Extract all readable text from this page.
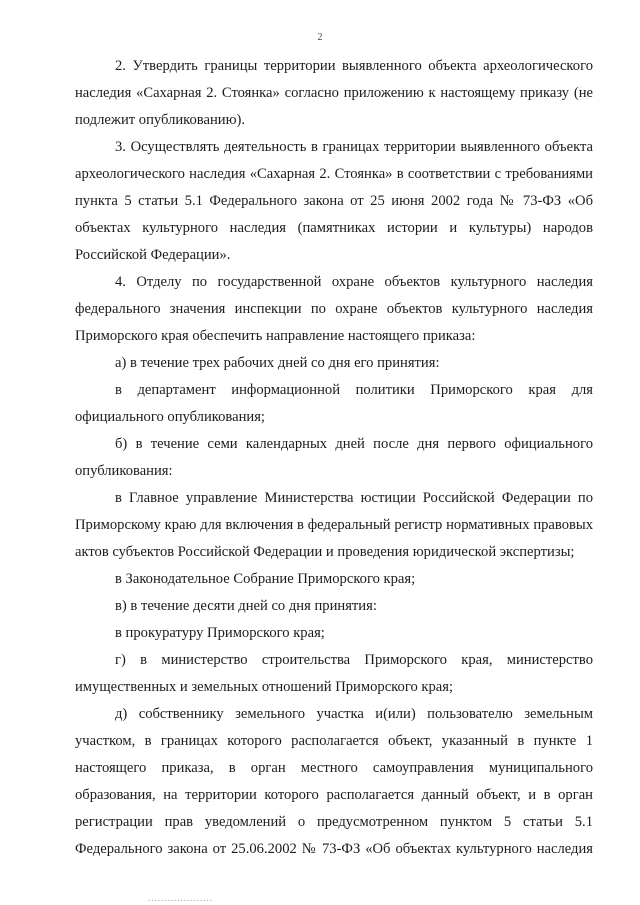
2

2. Утвердить границы территории выявленного объекта археологического наследия «Сахарная 2. Стоянка» согласно приложению к настоящему приказу (не подлежит опубликованию).

3. Осуществлять деятельность в границах территории выявленного объекта археологического наследия «Сахарная 2. Стоянка» в соответствии с требованиями пункта 5 статьи 5.1 Федерального закона от 25 июня 2002 года № 73-ФЗ «Об объектах культурного наследия (памятниках истории и культуры) народов Российской Федерации».

4. Отделу по государственной охране объектов культурного наследия федерального значения инспекции по охране объектов культурного наследия Приморского края обеспечить направление настоящего приказа:

а) в течение трех рабочих дней со дня его принятия:

в департамент информационной политики Приморского края для официального опубликования;

б) в течение семи календарных дней после дня первого официального опубликования:

в Главное управление Министерства юстиции Российской Федерации по Приморскому краю для включения в федеральный регистр нормативных правовых актов субъектов Российской Федерации и проведения юридической экспертизы;

в Законодательное Собрание Приморского края;

в) в течение десяти дней со дня принятия:

в прокуратуру Приморского края;

г) в министерство строительства Приморского края, министерство имущественных и земельных отношений Приморского края;

д) собственнику земельного участка и(или) пользователю земельным участком, в границах которого располагается объект, указанный в пункте 1 настоящего приказа, в орган местного самоуправления муниципального образования, на территории которого располагается данный объект, и в орган регистрации прав уведомлений о предусмотренном пунктом 5 статьи 5.1 Федерального закона от 25.06.2002 № 73-ФЗ «Об объектах культурного наследия

....................
